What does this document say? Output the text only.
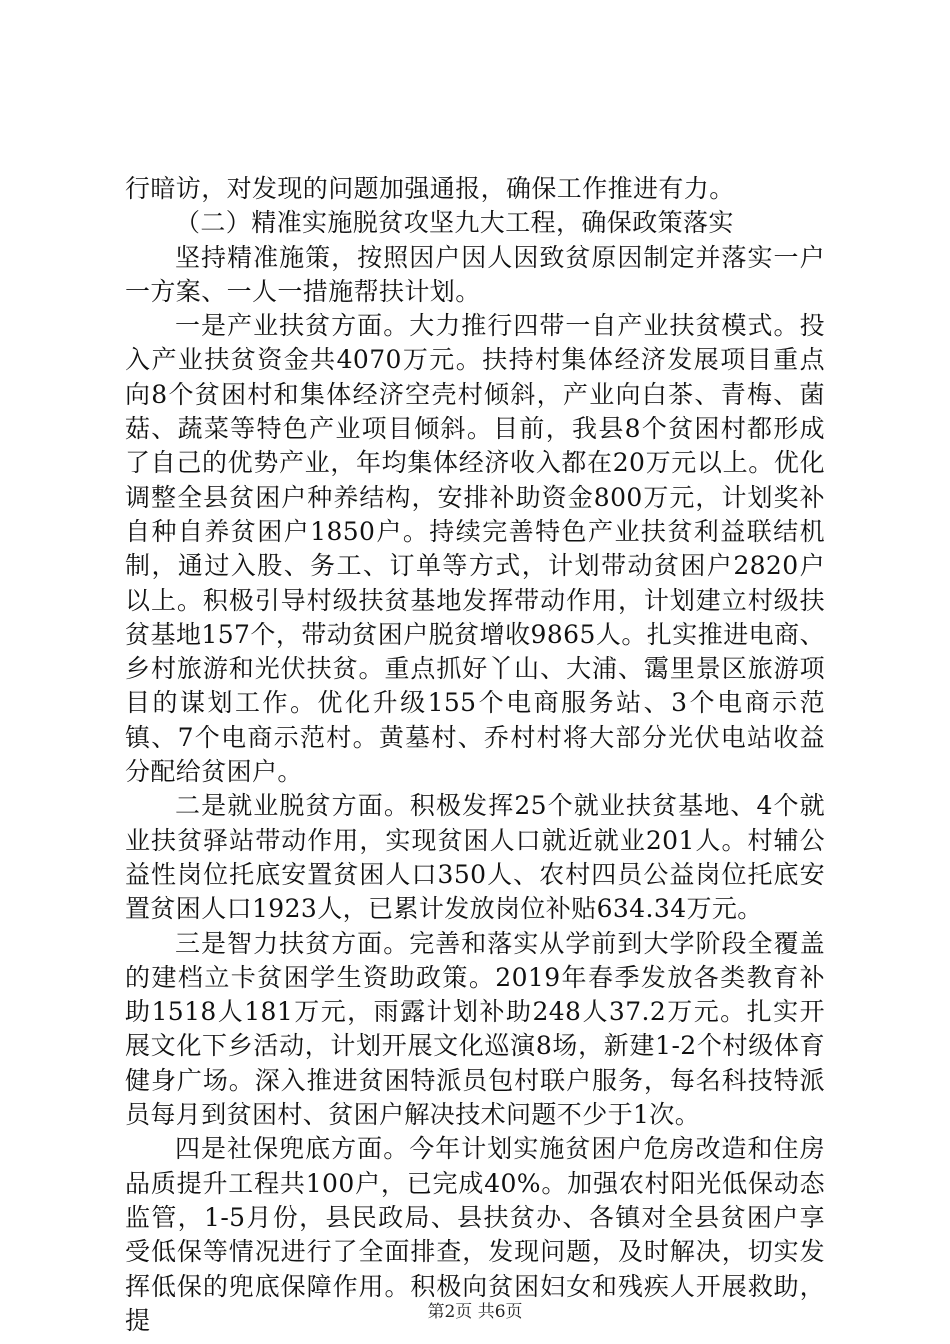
行暗访，对发现的问题加强通报，确保工作推进有力。

（二）精准实施脱贫攻坚九大工程，确保政策落实

坚持精准施策，按照因户因人因致贫原因制定并落实一户一方案、一人一措施帮扶计划。

一是产业扶贫方面。大力推行四带一自产业扶贫模式。投入产业扶贫资金共4070万元。扶持村集体经济发展项目重点向8个贫困村和集体经济空壳村倾斜，产业向白茶、青梅、菌菇、蔬菜等特色产业项目倾斜。目前，我县8个贫困村都形成了自己的优势产业，年均集体经济收入都在20万元以上。优化调整全县贫困户种养结构，安排补助资金800万元，计划奖补自种自养贫困户1850户。持续完善特色产业扶贫利益联结机制，通过入股、务工、订单等方式，计划带动贫困户2820户以上。积极引导村级扶贫基地发挥带动作用，计划建立村级扶贫基地157个，带动贫困户脱贫增收9865人。扎实推进电商、乡村旅游和光伏扶贫。重点抓好丫山、大浦、霭里景区旅游项目的谋划工作。优化升级155个电商服务站、3个电商示范镇、7个电商示范村。黄墓村、乔村村将大部分光伏电站收益分配给贫困户。

二是就业脱贫方面。积极发挥25个就业扶贫基地、4个就业扶贫驿站带动作用，实现贫困人口就近就业201人。村辅公益性岗位托底安置贫困人口350人、农村四员公益岗位托底安置贫困人口1923人，已累计发放岗位补贴634.34万元。

三是智力扶贫方面。完善和落实从学前到大学阶段全覆盖的建档立卡贫困学生资助政策。2019年春季发放各类教育补助1518人181万元，雨露计划补助248人37.2万元。扎实开展文化下乡活动，计划开展文化巡演8场，新建1-2个村级体育健身广场。深入推进贫困特派员包村联户服务，每名科技特派员每月到贫困村、贫困户解决技术问题不少于1次。

四是社保兜底方面。今年计划实施贫困户危房改造和住房品质提升工程共100户，已完成40%。加强农村阳光低保动态监管，1-5月份，县民政局、县扶贫办、各镇对全县贫困户享受低保等情况进行了全面排查，发现问题，及时解决，切实发挥低保的兜底保障作用。积极向贫困妇女和残疾人开展救助，提	第2页 共6页
